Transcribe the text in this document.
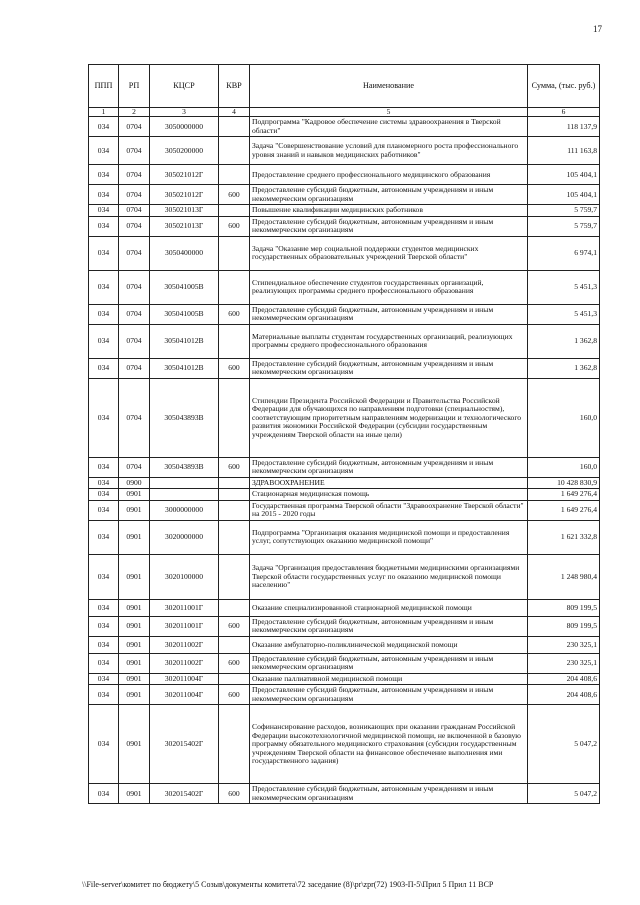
17
ППП	РП	КЦСР	КВР	Наименование	Сумма, (тыс. руб.)
1	2	3	4	5	6
034	0704	3050000000		Подпрограмма "Кадровое обеспечение системы здравоохранения в Тверской области"	118 137,9
034	0704	3050200000		Задача "Совершенствование условий для планомерного роста профессионального уровня знаний и навыков медицинских работников"	111 163,8
034	0704	305021012Г		Предоставление среднего профессионального медицинского образования	105 404,1
034	0704	305021012Г	600	Предоставление субсидий бюджетным, автономным учреждениям и иным некоммерческим организациям	105 404,1
034	0704	305021013Г		Повышение квалификации медицинских работников	5 759,7
034	0704	305021013Г	600	Предоставление субсидий бюджетным, автономным учреждениям и иным некоммерческим организациям	5 759,7
034	0704	3050400000		Задача "Оказание мер социальной поддержки студентов медицинских государственных образовательных учреждений Тверской области"	6 974,1
034	0704	305041005В		Стипендиальное обеспечение студентов государственных организаций, реализующих программы среднего профессионального образования	5 451,3
034	0704	305041005В	600	Предоставление субсидий бюджетным, автономным учреждениям и иным некоммерческим организациям	5 451,3
034	0704	305041012В		Материальные выплаты студентам государственных организаций, реализующих программы среднего профессионального образования	1 362,8
034	0704	305041012В	600	Предоставление субсидий бюджетным, автономным учреждениям и иным некоммерческим организациям	1 362,8
034	0704	305043893В		Стипендии Президента Российской Федерации и Правительства Российской Федерации для обучающихся по направлениям подготовки (специальностям), соответствующим приоритетным направлениям модернизации и технологического развития экономики Российской Федерации (субсидии государственным учреждениям Тверской области на иные цели)	160,0
034	0704	305043893В	600	Предоставление субсидий бюджетным, автономным учреждениям и иным некоммерческим организациям	160,0
034	0900			ЗДРАВООХРАНЕНИЕ	10 428 830,9
034	0901			Стационарная медицинская помощь	1 649 276,4
034	0901	3000000000		Государственная программа Тверской области "Здравоохранение Тверской области" на 2015 - 2020 годы	1 649 276,4
034	0901	3020000000		Подпрограмма "Организация оказания медицинской помощи и предоставления услуг, сопутствующих оказанию медицинской помощи"	1 621 332,8
034	0901	3020100000		Задача "Организация предоставления бюджетными медицинскими организациями Тверской области государственных услуг по оказанию медицинской помощи населению"	1 248 980,4
034	0901	302011001Г		Оказание специализированной стационарной медицинской помощи	809 199,5
034	0901	302011001Г	600	Предоставление субсидий бюджетным, автономным учреждениям и иным некоммерческим организациям	809 199,5
034	0901	302011002Г		Оказание амбулаторно-поликлинической медицинской помощи	230 325,1
034	0901	302011002Г	600	Предоставление субсидий бюджетным, автономным учреждениям и иным некоммерческим организациям	230 325,1
034	0901	302011004Г		Оказание паллиативной медицинской помощи	204 408,6
034	0901	302011004Г	600	Предоставление субсидий бюджетным, автономным учреждениям и иным некоммерческим организациям	204 408,6
034	0901	302015402Г		Софинансирование расходов, возникающих при оказании гражданам Российской Федерации высокотехнологичной медицинской помощи, не включенной в базовую программу обязательного медицинского страхования (субсидии государственным учреждениям Тверской области на финансовое обеспечение выполнения ими государственного задания)	5 047,2
034	0901	302015402Г	600	Предоставление субсидий бюджетным, автономным учреждениям и иным некоммерческим организациям	5 047,2
\\File-server\комитет по бюджету\5 Созыв\документы комитета\72 заседание (8)\pr\zpr(72) 1903-П-5\Прил 5 Прил 11 ВСР
